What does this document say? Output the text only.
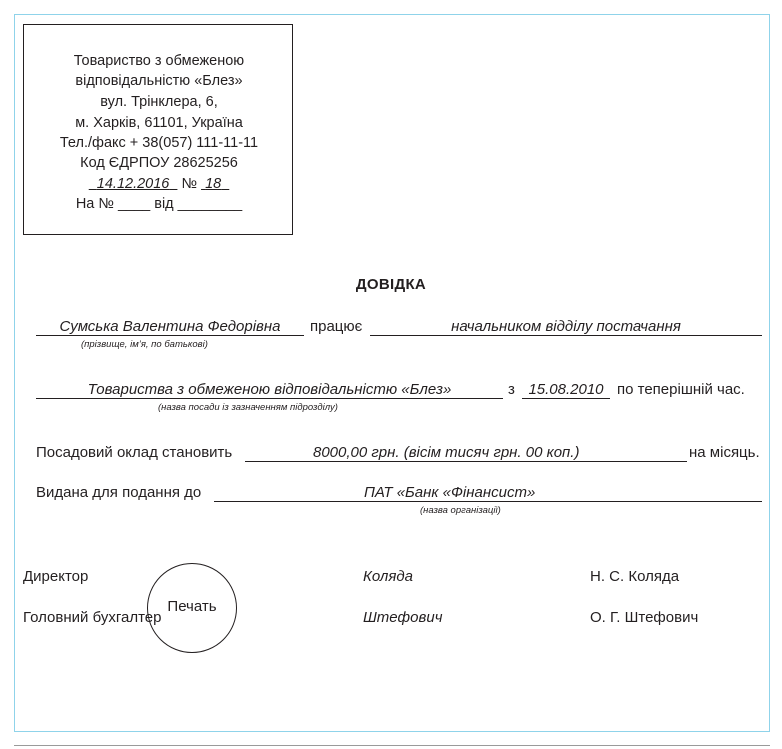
Товариство з обмеженою
відповідальністю «Блез»
вул. Трінклера, 6,
м. Харків, 61101, Україна
Тел./факс + 38(057) 111-11-11
Код ЄДРПОУ 28625256
14.12.2016 № 18
На № ____ від ________
ДОВІДКА
Сумська Валентина Федорівна	працює	начальником відділу постачання
(прізвище, ім’я, по батькові)
Товариства з обмеженою відповідальністю «Блез»	з 15.08.2010 по теперішній час.
(назва посади із зазначенням підрозділу)
Посадовий оклад становить	8000,00 грн. (вісім тисяч грн. 00 коп.)	на місяць.
Видана для подання до	ПАТ «Банк «Фінансист»
(назва організації)
Директор	Коляда	Н. С. Коляда
Головний бухгалтер	Штефович	О. Г. Штефович
Печать
